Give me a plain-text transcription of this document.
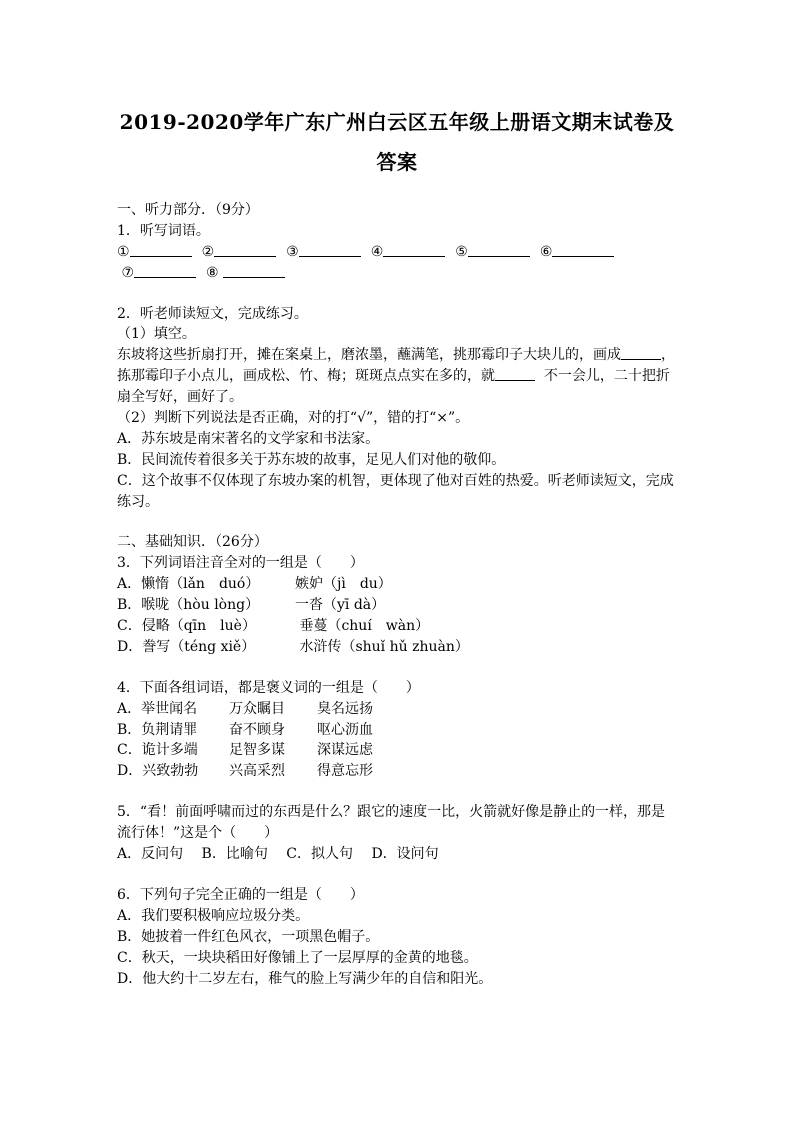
2019-2020学年广东广州白云区五年级上册语文期末试卷及
答案
一、听力部分．（9分）
1．听写词语。
①	②	③	④	⑤	⑥
⑦	⑧
2．听老师读短文，完成练习。
（1）填空。
东坡将这些折扇打开，摊在案桌上，磨浓墨，蘸满笔，挑那霉印子大块儿的，画成	，
拣那霉印子小点儿，画成松、竹、梅；斑斑点点实在多的，就	不一会儿，二十把折
扇全写好，画好了。
（2）判断下列说法是否正确，对的打“√”，错的打“×”。
A．苏东坡是南宋著名的文学家和书法家。
B．民间流传着很多关于苏东坡的故事，足见人们对他的敬仰。
C．这个故事不仅体现了东坡办案的机智，更体现了他对百姓的热爱。听老师读短文，完成
练习。
二、基础知识．（26分）
3．下列词语注音全对的一组是（　　）
A．懒惰（lǎn　duó）	嫉妒（jì　du）
B．喉咙（hòu lòng）	一沓（yī dà）
C．侵略（qīn　luè）	垂蔓（chuí　wàn）
D．誊写（téng xiě）	水浒传（shuǐ hǔ zhuàn）
4．下面各组词语，都是褒义词的一组是（　　）
A．举世闻名 万众瞩目 臭名远扬
B．负荆请罪 奋不顾身 呕心沥血
C．诡计多端 足智多谋 深谋远虑
D．兴致勃勃 兴高采烈 得意忘形
5．“看！前面呼啸而过的东西是什么？跟它的速度一比，火箭就好像是静止的一样，那是
流行体！”这是个（　　）
A．反问句　 B．比喻句　 C．拟人句　 D．设问句
6．下列句子完全正确的一组是（　　）
A．我们要积极响应垃圾分类。
B．她披着一件红色风衣，一项黑色帽子。
C．秋天，一块块稻田好像铺上了一层厚厚的金黄的地毯。
D．他大约十二岁左右，稚气的脸上写满少年的自信和阳光。
